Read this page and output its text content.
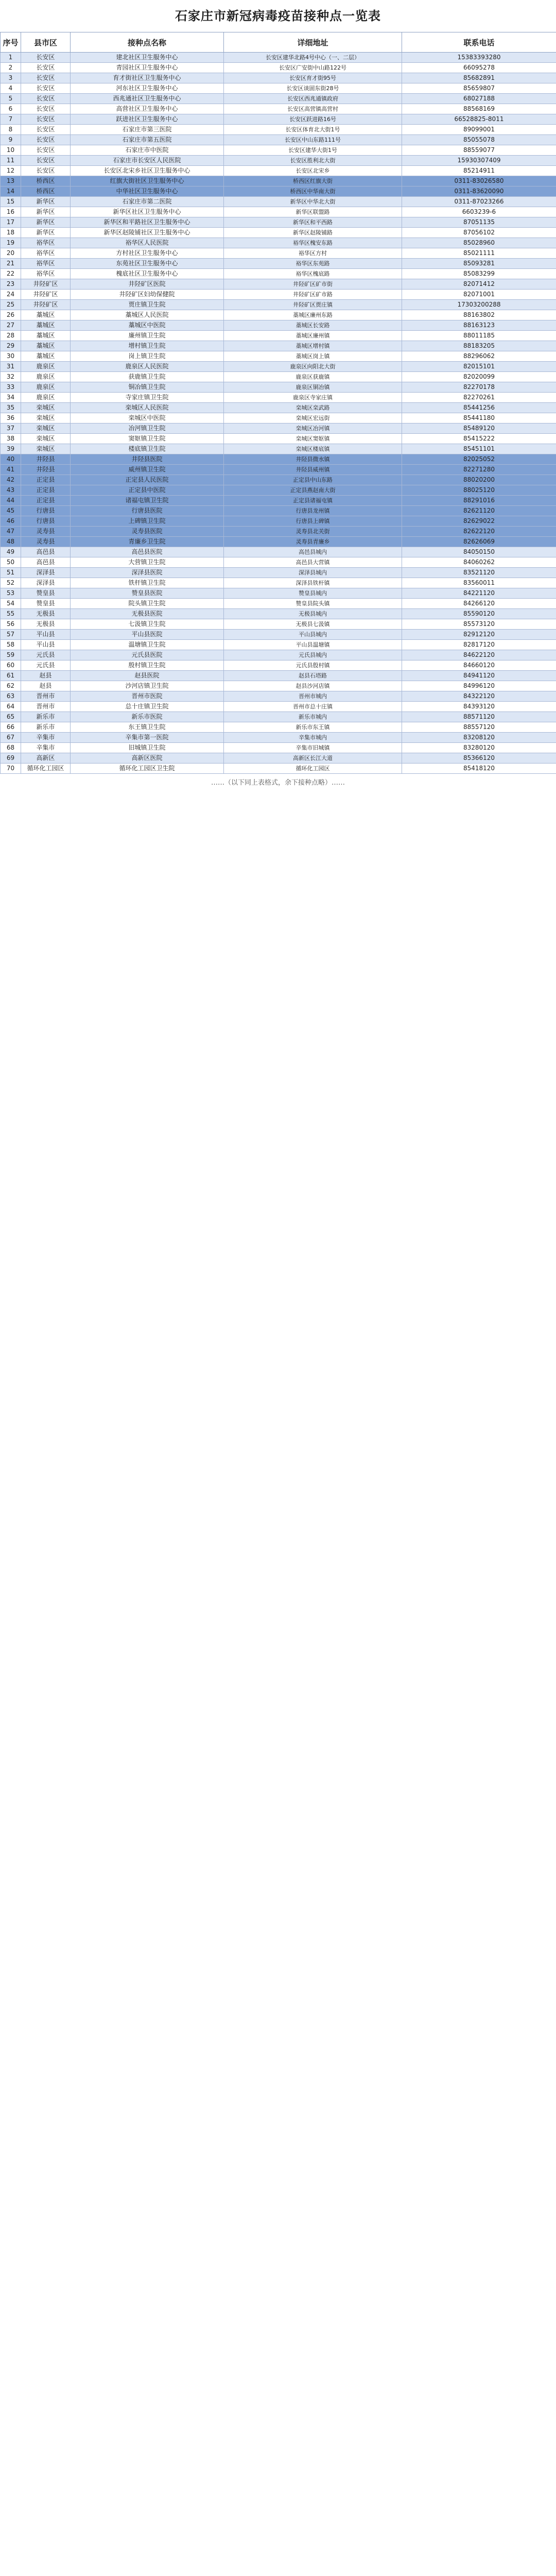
石家庄市新冠病毒疫苗接种点一览表
序号	县市区	接种点名称	详细地址	联系电话
1	长安区	建北社区卫生服务中心	长安区建华北路4号中心（一、二层）	15383393280
2	长安区	青园社区卫生服务中心	长安区广安街中山路122号	66095278
3	长安区	育才街社区卫生服务中心	长安区育才街95号	85682891
4	长安区	河东社区卫生服务中心	长安区谈固东街28号	85659807
5	长安区	西兆通社区卫生服务中心	长安区西兆通镇政府	68027188
6	长安区	高营社区卫生服务中心	长安区高营镇高营村	88568169
7	长安区	跃进社区卫生服务中心	长安区跃进路16号	66528825-8011
8	长安区	石家庄市第三医院	长安区体育北大街1号	89099001
9	长安区	石家庄市第五医院	长安区中山东路111号	85055078
10	长安区	石家庄市中医院	长安区建华大街1号	88559077
11	长安区	石家庄市长安区人民医院	长安区胜利北大街	15930307409
12	长安区	长安区北宋乡社区卫生服务中心	长安区北宋乡	85214911
13	桥西区	红旗大街社区卫生服务中心	桥西区红旗大街	0311-83026580
14	桥西区	中华社区卫生服务中心	桥西区中华南大街	0311-83620090
15	新华区	石家庄市第二医院	新华区中华北大街	0311-87023266
16	新华区	新华区社区卫生服务中心	新华区联盟路	6603239-6
17	新华区	新华区和平路社区卫生服务中心	新华区和平西路	87051135
18	新华区	新华区赵陵铺社区卫生服务中心	新华区赵陵铺路	87056102
19	裕华区	裕华区人民医院	裕华区槐安东路	85028960
20	裕华区	方村社区卫生服务中心	裕华区方村	85021111
21	裕华区	东苑社区卫生服务中心	裕华区东苑路	85093281
22	裕华区	槐底社区卫生服务中心	裕华区槐底路	85083299
23	井陉矿区	井陉矿区医院	井陉矿区矿市街	82071412
24	井陉矿区	井陉矿区妇幼保健院	井陉矿区矿市路	82071001
25	井陉矿区	贾庄镇卫生院	井陉矿区贾庄镇	17303200288
26	藁城区	藁城区人民医院	藁城区廉州东路	88163802
27	藁城区	藁城区中医院	藁城区长安路	88163123
28	藁城区	廉州镇卫生院	藁城区廉州镇	88011185
29	藁城区	增村镇卫生院	藁城区增村镇	88183205
30	藁城区	岗上镇卫生院	藁城区岗上镇	88296062
31	鹿泉区	鹿泉区人民医院	鹿泉区向阳北大街	82015101
32	鹿泉区	获鹿镇卫生院	鹿泉区获鹿镇	82020099
33	鹿泉区	铜冶镇卫生院	鹿泉区铜冶镇	82270178
34	鹿泉区	寺家庄镇卫生院	鹿泉区寺家庄镇	82270261
35	栾城区	栾城区人民医院	栾城区栾武路	85441256
36	栾城区	栾城区中医院	栾城区宏远街	85441180
37	栾城区	冶河镇卫生院	栾城区冶河镇	85489120
38	栾城区	窦妪镇卫生院	栾城区窦妪镇	85415222
39	栾城区	楼底镇卫生院	栾城区楼底镇	85451101
40	井陉县	井陉县医院	井陉县微水镇	82025052
41	井陉县	威州镇卫生院	井陉县威州镇	82271280
42	正定县	正定县人民医院	正定县中山东路	88020200
43	正定县	正定县中医院	正定县燕赵南大街	88025120
44	正定县	诸福屯镇卫生院	正定县诸福屯镇	88291016
45	行唐县	行唐县医院	行唐县龙州镇	82621120
46	行唐县	上碑镇卫生院	行唐县上碑镇	82629022
47	灵寿县	灵寿县医院	灵寿县北关街	82622120
48	灵寿县	青廉乡卫生院	灵寿县青廉乡	82626069
49	高邑县	高邑县医院	高邑县城内	84050150
50	高邑县	大营镇卫生院	高邑县大营镇	84060262
51	深泽县	深泽县医院	深泽县城内	83521120
52	深泽县	铁杆镇卫生院	深泽县铁杆镇	83560011
53	赞皇县	赞皇县医院	赞皇县城内	84221120
54	赞皇县	院头镇卫生院	赞皇县院头镇	84266120
55	无极县	无极县医院	无极县城内	85590120
56	无极县	七汲镇卫生院	无极县七汲镇	85573120
57	平山县	平山县医院	平山县城内	82912120
58	平山县	温塘镇卫生院	平山县温塘镇	82817120
59	元氏县	元氏县医院	元氏县城内	84622120
60	元氏县	殷村镇卫生院	元氏县殷村镇	84660120
61	赵县	赵县医院	赵县石塔路	84941120
62	赵县	沙河店镇卫生院	赵县沙河店镇	84996120
63	晋州市	晋州市医院	晋州市城内	84322120
64	晋州市	总十庄镇卫生院	晋州市总十庄镇	84393120
65	新乐市	新乐市医院	新乐市城内	88571120
66	新乐市	东王镇卫生院	新乐市东王镇	88557120
67	辛集市	辛集市第一医院	辛集市城内	83208120
68	辛集市	旧城镇卫生院	辛集市旧城镇	83280120
69	高新区	高新区医院	高新区长江大道	85366120
70	循环化工园区	循环化工园区卫生院	循环化工园区	85418120
……（以下同上表格式，余下接种点略）……
